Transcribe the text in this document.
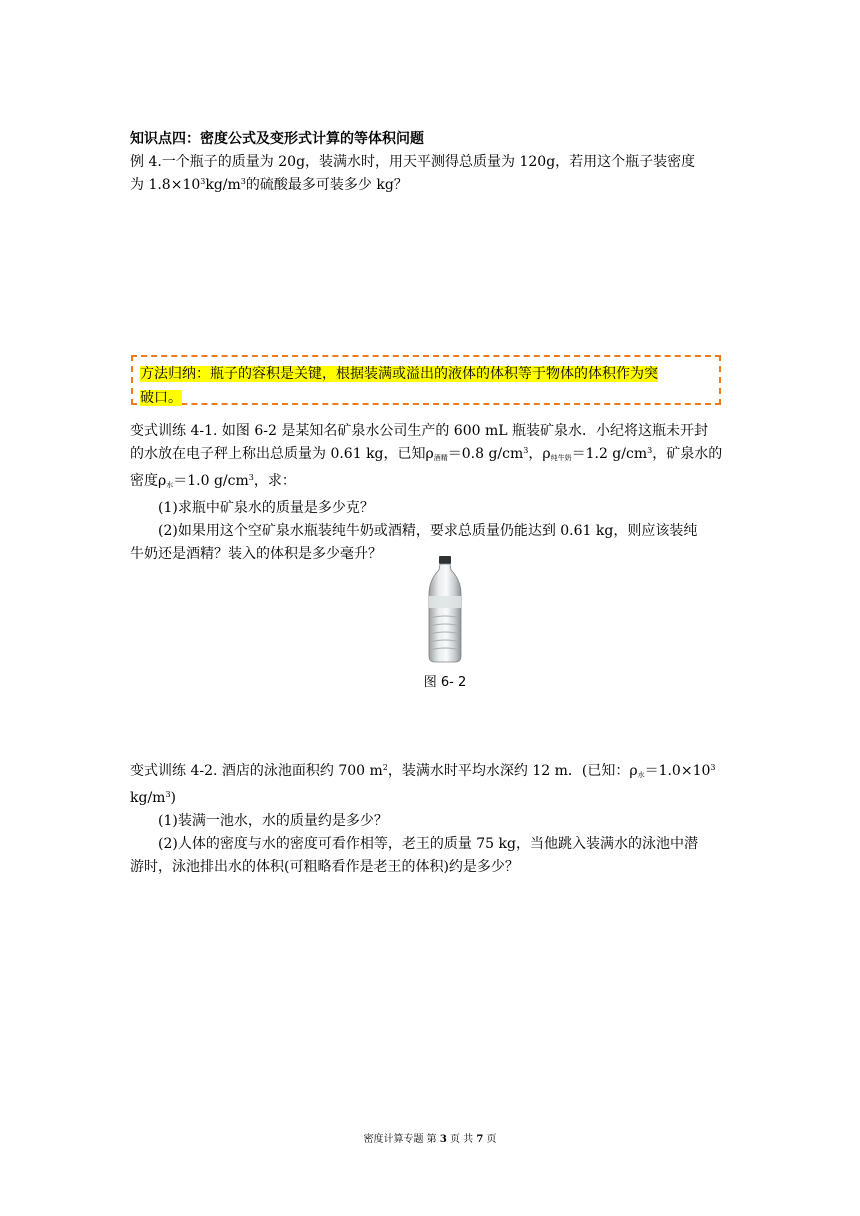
知识点四：密度公式及变形式计算的等体积问题
例 4.一个瓶子的质量为 20g，装满水时，用天平测得总质量为 120g，若用这个瓶子装密度
为 $1.8\times 10^3kg/m^3$的硫酸最多可装多少 kg？
方法归纳：瓶子的容积是关键，根据装满或溢出的液体的体积等于物体的体积作为突
破口。
变式训练 4-1. 如图 6-2 是某知名矿泉水公司生产的 600 mL 瓶装矿泉水．小纪将这瓶未开封
的水放在电子秤上称出总质量为 0.61 kg，已知$\rho_{酒精}=0.8$ $g/cm^3$，$\rho_{纯牛奶}=1.2$ $g/cm^3$，矿泉水的
密度$\rho_水=1.0$ $g/cm^3$，求：
(1)求瓶中矿泉水的质量是多少克？
(2)如果用这个空矿泉水瓶装纯牛奶或酒精，要求总质量仍能达到 0.61 kg，则应该装纯
牛奶还是酒精？装入的体积是多少毫升？
图 6- 2
变式训练 4-2. 酒店的泳池面积约 700 $m^2$，装满水时平均水深约 12 m．(已知：$\rho_水=1.0\times 10^3$
$kg/m^3$)
(1)装满一池水，水的质量约是多少？
(2)人体的密度与水的密度可看作相等，老王的质量 75 kg，当他跳入装满水的泳池中潜
游时，泳池排出水的体积(可粗略看作是老王的体积)约是多少？
密度计算专题 第 3 页 共 7 页
